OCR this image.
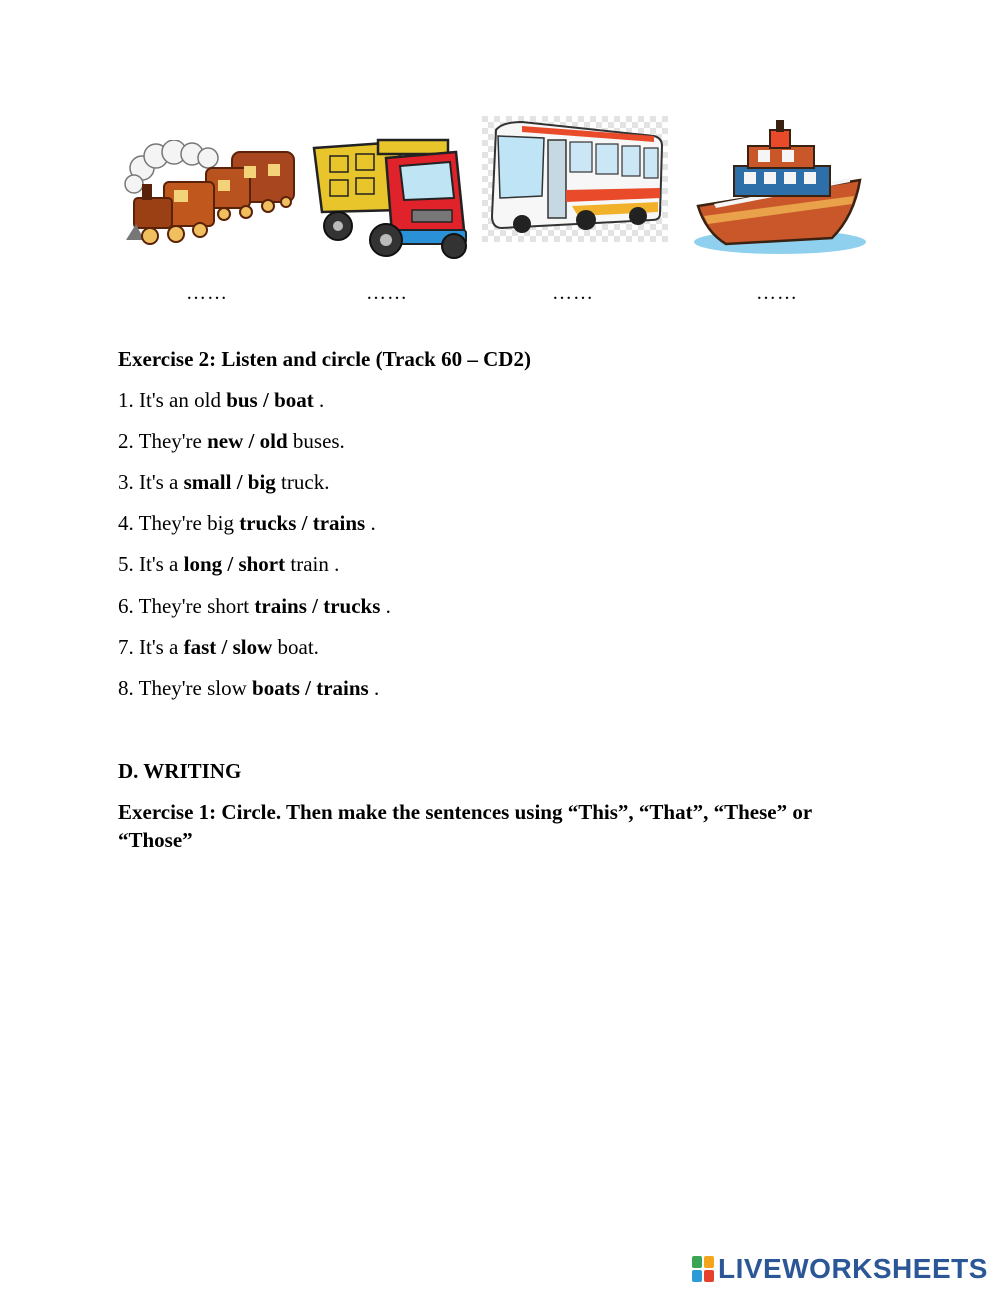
……	……	……	……
Exercise 2: Listen and circle (Track 60 – CD2)
1. It's an old bus / boat .
2. They're new / old buses.
3. It's a small / big truck.
4. They're big trucks / trains .
5. It's a long / short train .
6. They're short trains / trucks .
7. It's a fast / slow boat.
8. They're slow boats / trains .
D. WRITING
Exercise 1: Circle. Then make the sentences using “This”, “That”, “These” or
“Those”
LIVEWORKSHEETS
